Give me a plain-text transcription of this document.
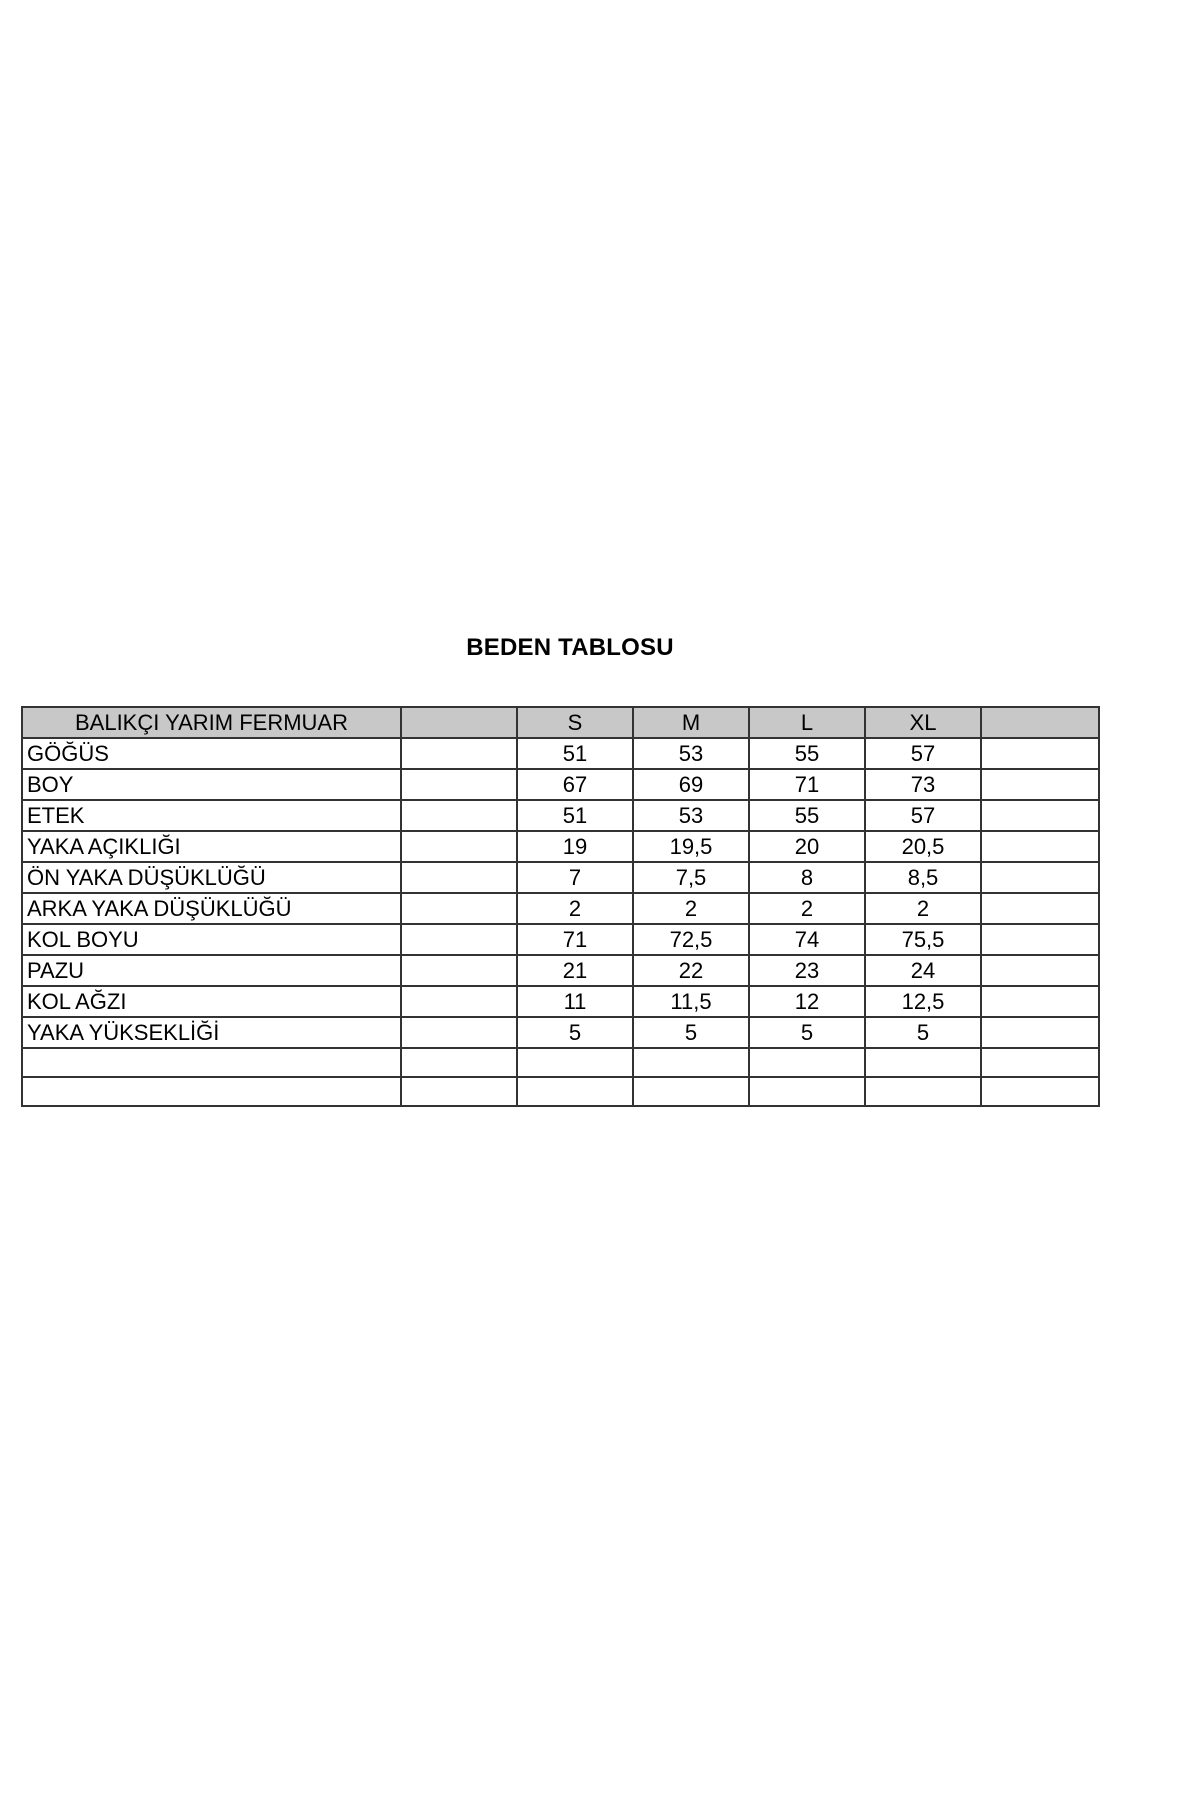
BEDEN TABLOSU
BALIKÇI YARIM FERMUAR		S	M	L	XL	
GÖĞÜS		51	53	55	57	
BOY		67	69	71	73	
ETEK		51	53	55	57	
YAKA AÇIKLIĞI		19	19,5	20	20,5	
ÖN YAKA DÜŞÜKLÜĞÜ		7	7,5	8	8,5	
ARKA YAKA DÜŞÜKLÜĞÜ		2	2	2	2	
KOL BOYU		71	72,5	74	75,5	
PAZU		21	22	23	24	
KOL AĞZI		11	11,5	12	12,5	
YAKA YÜKSEKLİĞİ		5	5	5	5	
